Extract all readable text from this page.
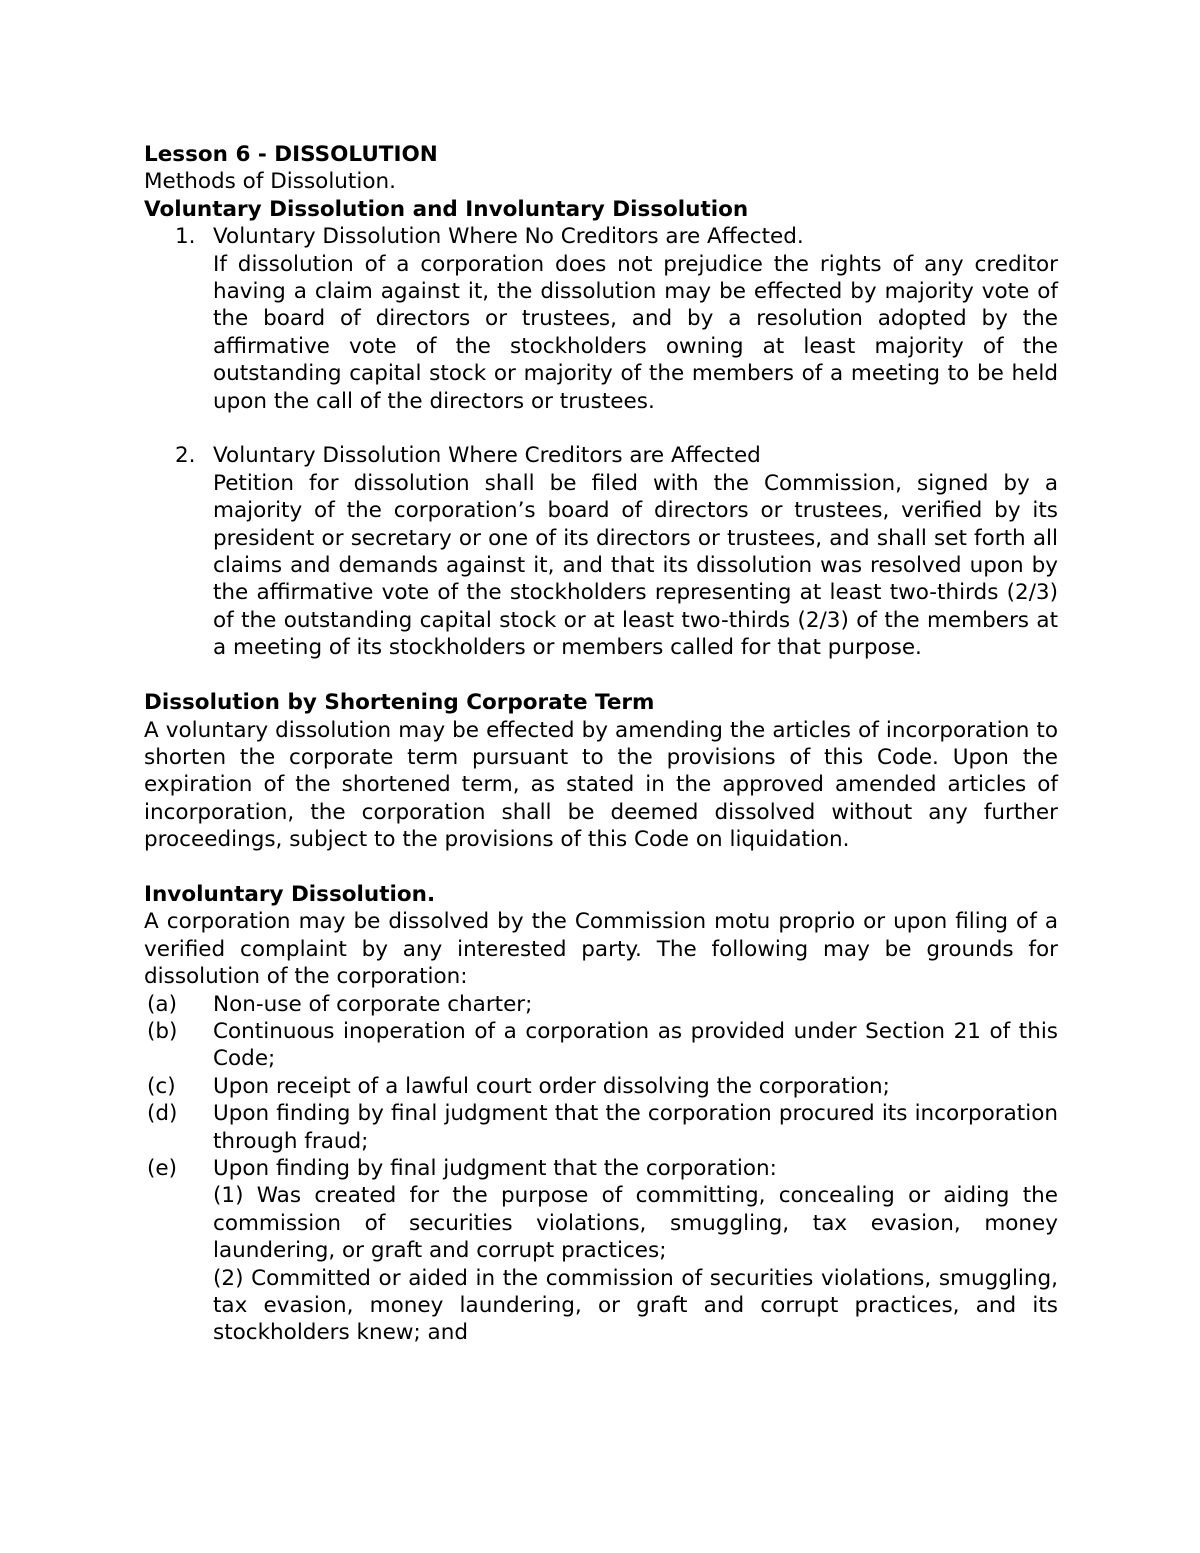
Lesson 6 - DISSOLUTION

Methods of Dissolution.

Voluntary Dissolution and Involuntary Dissolution

1. Voluntary Dissolution Where No Creditors are Affected.

If dissolution of a corporation does not prejudice the rights of any creditor having a claim against it, the dissolution may be effected by majority vote of the board of directors or trustees, and by a resolution adopted by the affirmative vote of the stockholders owning at least majority of the outstanding capital stock or majority of the members of a meeting to be held upon the call of the directors or trustees.

2. Voluntary Dissolution Where Creditors are Affected

Petition for dissolution shall be filed with the Commission, signed by a majority of the corporation’s board of directors or trustees, verified by its president or secretary or one of its directors or trustees, and shall set forth all claims and demands against it, and that its dissolution was resolved upon by the affirmative vote of the stockholders representing at least two-thirds (2/3) of the outstanding capital stock or at least two-thirds (2/3) of the members at a meeting of its stockholders or members called for that purpose.

Dissolution by Shortening Corporate Term

A voluntary dissolution may be effected by amending the articles of incorporation to shorten the corporate term pursuant to the provisions of this Code. Upon the expiration of the shortened term, as stated in the approved amended articles of incorporation, the corporation shall be deemed dissolved without any further proceedings, subject to the provisions of this Code on liquidation.

Involuntary Dissolution.

A corporation may be dissolved by the Commission motu proprio or upon filing of a verified complaint by any interested party. The following may be grounds for dissolution of the corporation:

(a) Non-use of corporate charter;

(b) Continuous inoperation of a corporation as provided under Section 21 of this Code;

(c) Upon receipt of a lawful court order dissolving the corporation;

(d) Upon finding by final judgment that the corporation procured its incorporation through fraud;

(e) Upon finding by final judgment that the corporation:

(1) Was created for the purpose of committing, concealing or aiding the commission of securities violations, smuggling, tax evasion, money laundering, or graft and corrupt practices;

(2) Committed or aided in the commission of securities violations, smuggling, tax evasion, money laundering, or graft and corrupt practices, and its stockholders knew; and
